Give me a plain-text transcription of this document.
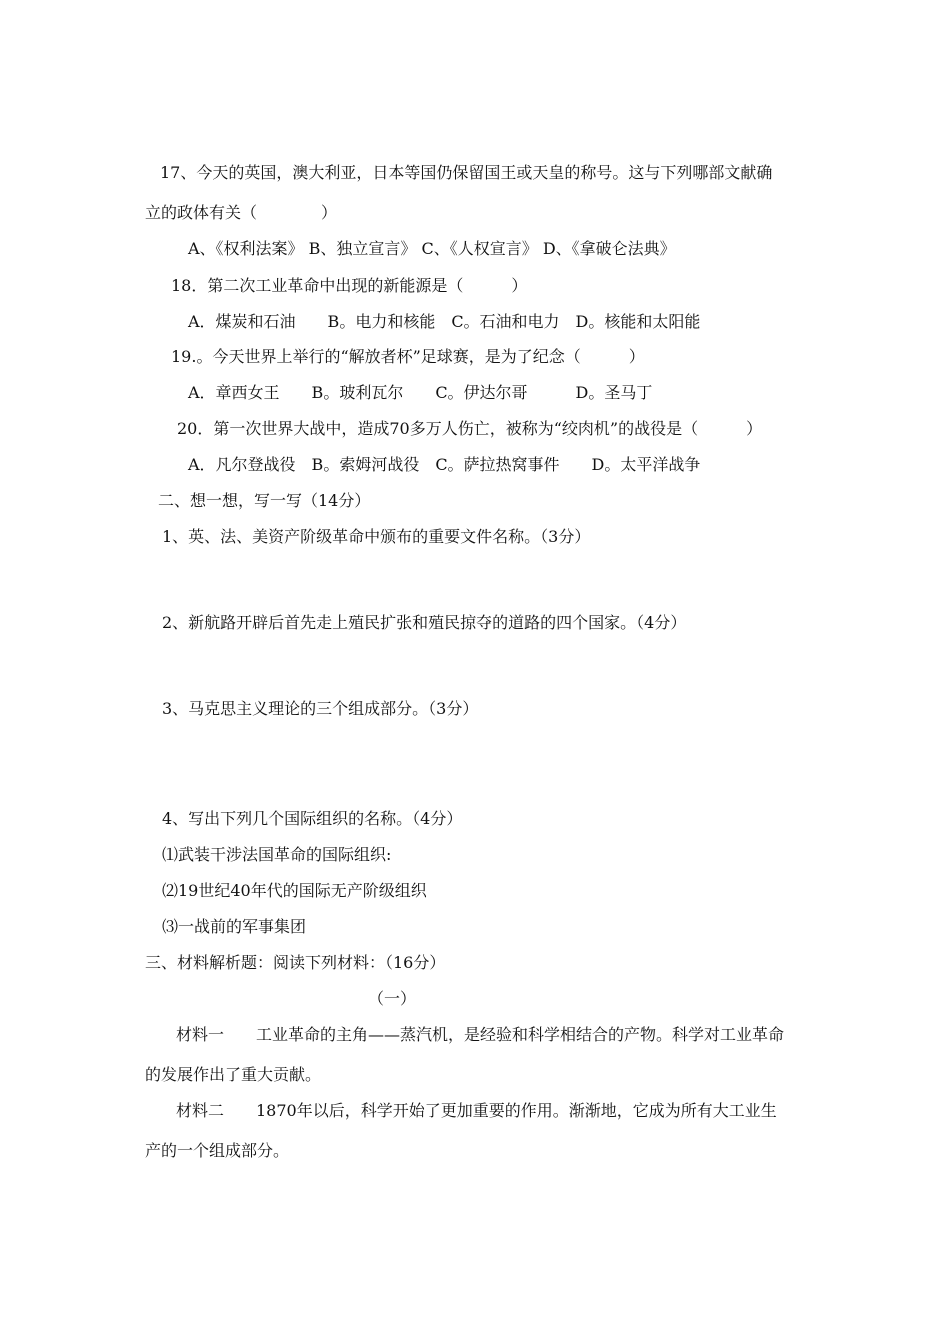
17、今天的英国，澳大利亚，日本等国仍保留国王或天皇的称号。这与下列哪部文献确
立的政体有关（　　　　）
A、《权利法案》 B、独立宣言》 C、《人权宣言》 D、《拿破仑法典》
18．第二次工业革命中出现的新能源是（　　　）
A．煤炭和石油　　B。电力和核能　C。石油和电力　D。核能和太阳能
19.。今天世界上举行的“解放者杯”足球赛，是为了纪念（　　　）
A．章西女王　　B。玻利瓦尔　　C。伊达尔哥　　　D。圣马丁
20．第一次世界大战中，造成70多万人伤亡，被称为“绞肉机”的战役是（　　　）
A．凡尔登战役　B。索姆河战役　C。萨拉热窝事件　　D。太平洋战争
二、想一想，写一写（14分）
1、英、法、美资产阶级革命中颁布的重要文件名称。（3分）
2、新航路开辟后首先走上殖民扩张和殖民掠夺的道路的四个国家。（4分）
3、马克思主义理论的三个组成部分。（3分）
4、写出下列几个国际组织的名称。（4分）
⑴武装干涉法国革命的国际组织:
⑵19世纪40年代的国际无产阶级组织
⑶一战前的军事集团
三、材料解析题：阅读下列材料：（16分）
（一）
材料一　　工业革命的主角——蒸汽机，是经验和科学相结合的产物。科学对工业革命
的发展作出了重大贡献。
材料二　　1870年以后，科学开始了更加重要的作用。渐渐地，它成为所有大工业生
产的一个组成部分。
